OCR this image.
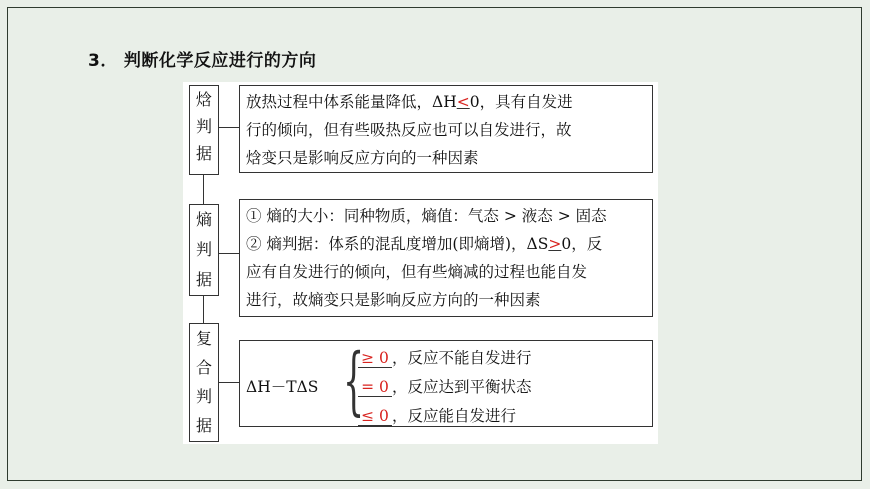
3． 判断化学反应进行的方向
焓
判
据

放热过程中体系能量降低，ΔH<0，具有自发进

行的倾向，但有些吸热反应也可以自发进行，故

焓变只是影响反应方向的一种因素

熵
判
据

① 熵的大小：同种物质，熵值：气态 > 液态 > 固态

② 熵判据：体系的混乱度增加(即熵增)，ΔS>0，反

应有自发进行的倾向，但有些熵减的过程也能自发

进行，故熵变只是影响反应方向的一种因素

复
合
判
据
ΔH－TΔS {
≥ 0 ，反应不能自发进行
= 0 ，反应达到平衡状态
≤ 0 ，反应能自发进行
